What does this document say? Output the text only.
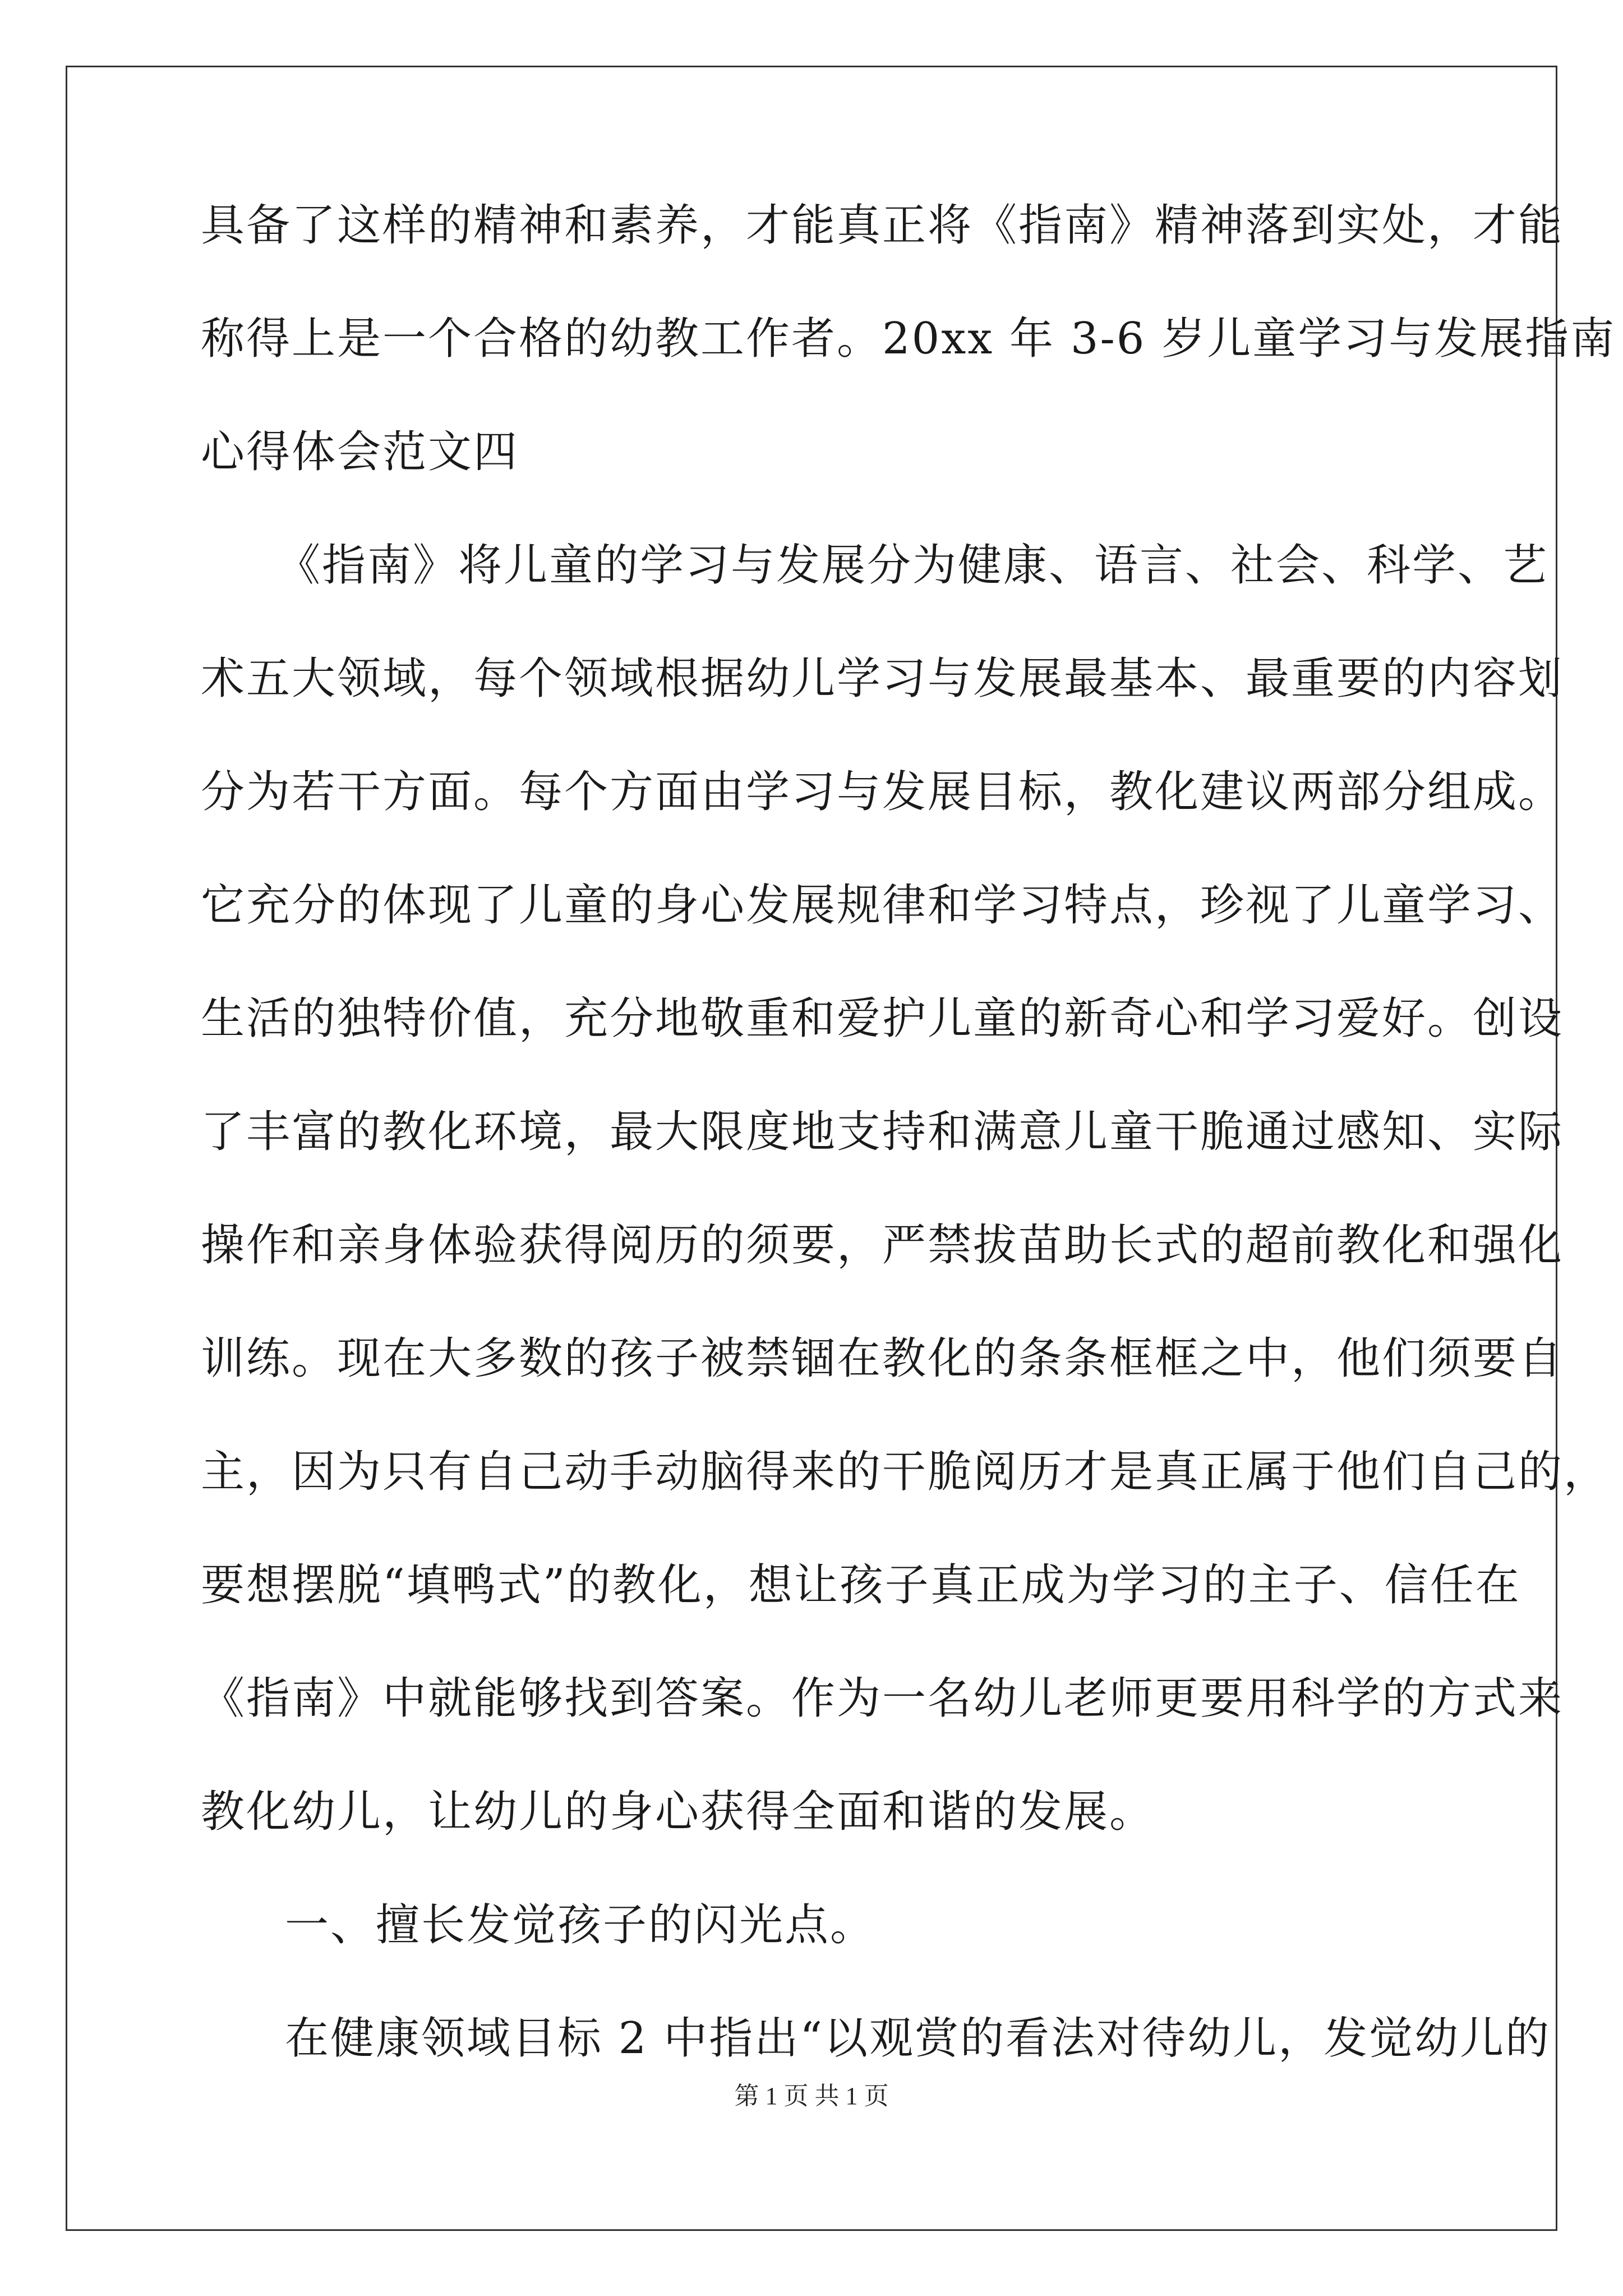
具备了这样的精神和素养，才能真正将《指南》精神落到实处，才能
称得上是一个合格的幼教工作者。20xx 年 3-6 岁儿童学习与发展指南
心得体会范文四
《指南》将儿童的学习与发展分为健康、语言、社会、科学、艺
术五大领域，每个领域根据幼儿学习与发展最基本、最重要的内容划
分为若干方面。每个方面由学习与发展目标，教化建议两部分组成。
它充分的体现了儿童的身心发展规律和学习特点，珍视了儿童学习、
生活的独特价值，充分地敬重和爱护儿童的新奇心和学习爱好。创设
了丰富的教化环境，最大限度地支持和满意儿童干脆通过感知、实际
操作和亲身体验获得阅历的须要，严禁拔苗助长式的超前教化和强化
训练。现在大多数的孩子被禁锢在教化的条条框框之中，他们须要自
主，因为只有自己动手动脑得来的干脆阅历才是真正属于他们自己的，
要想摆脱“填鸭式”的教化，想让孩子真正成为学习的主子、信任在
《指南》中就能够找到答案。作为一名幼儿老师更要用科学的方式来
教化幼儿，让幼儿的身心获得全面和谐的发展。
一、擅长发觉孩子的闪光点。
在健康领域目标 2 中指出“以观赏的看法对待幼儿，发觉幼儿的
第 1 页 共 1 页
